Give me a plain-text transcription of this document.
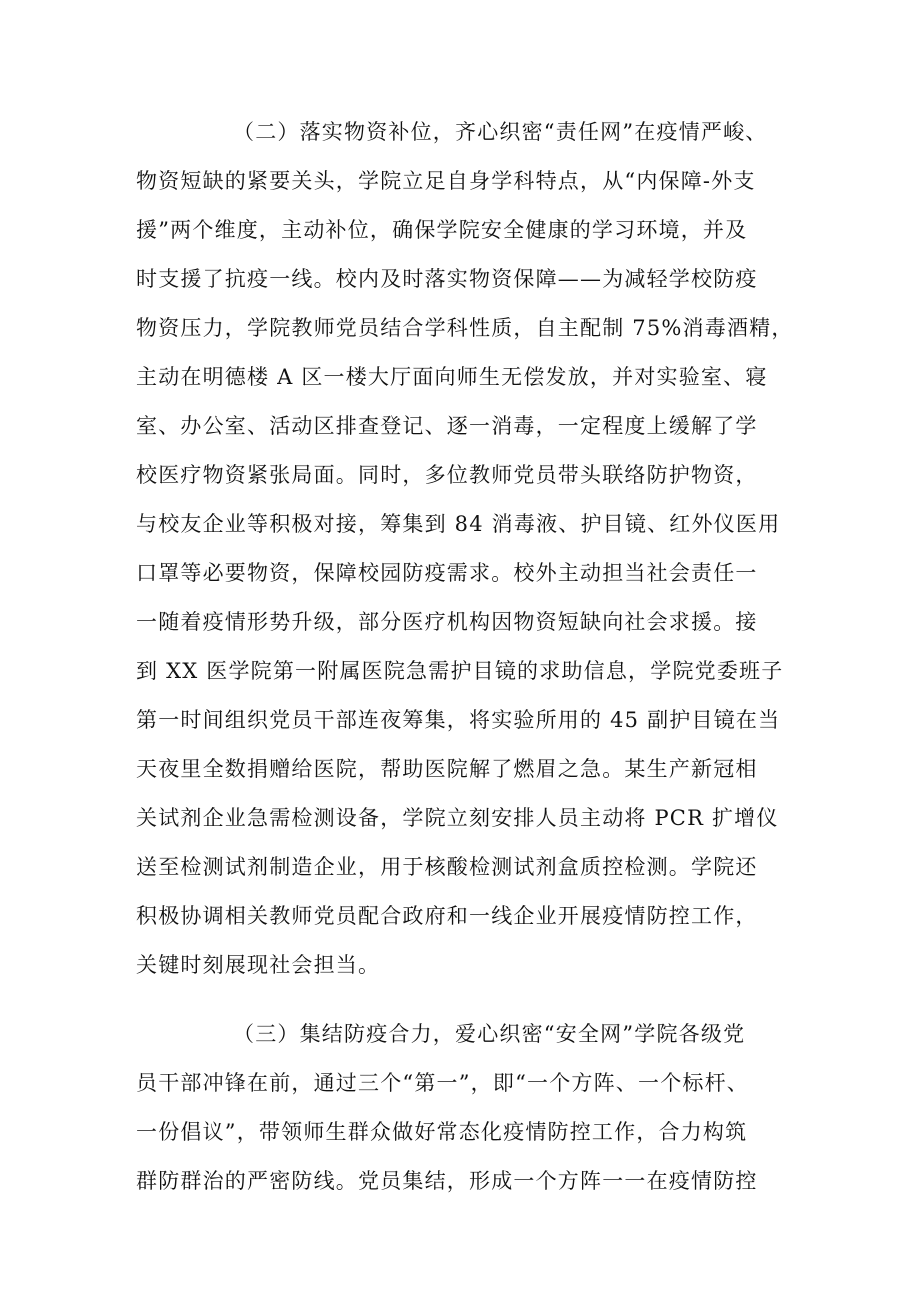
（二）落实物资补位，齐心织密“责任网”在疫情严峻、
物资短缺的紧要关头，学院立足自身学科特点，从“内保障-外支
援”两个维度，主动补位，确保学院安全健康的学习环境，并及
时支援了抗疫一线。校内及时落实物资保障——为减轻学校防疫
物资压力，学院教师党员结合学科性质，自主配制 75%消毒酒精，
主动在明德楼 A 区一楼大厅面向师生无偿发放，并对实验室、寝
室、办公室、活动区排查登记、逐一消毒，一定程度上缓解了学
校医疗物资紧张局面。同时，多位教师党员带头联络防护物资，
与校友企业等积极对接，筹集到 84 消毒液、护目镜、红外仪医用
口罩等必要物资，保障校园防疫需求。校外主动担当社会责任一
一随着疫情形势升级，部分医疗机构因物资短缺向社会求援。接
到 XX 医学院第一附属医院急需护目镜的求助信息，学院党委班子
第一时间组织党员干部连夜筹集，将实验所用的 45 副护目镜在当
天夜里全数捐赠给医院，帮助医院解了燃眉之急。某生产新冠相
关试剂企业急需检测设备，学院立刻安排人员主动将 PCR 扩增仪
送至检测试剂制造企业，用于核酸检测试剂盒质控检测。学院还
积极协调相关教师党员配合政府和一线企业开展疫情防控工作，
关键时刻展现社会担当。
（三）集结防疫合力，爱心织密“安全网”学院各级党
员干部冲锋在前，通过三个“第一”，即“一个方阵、一个标杆、
一份倡议”，带领师生群众做好常态化疫情防控工作，合力构筑
群防群治的严密防线。党员集结，形成一个方阵一一在疫情防控
